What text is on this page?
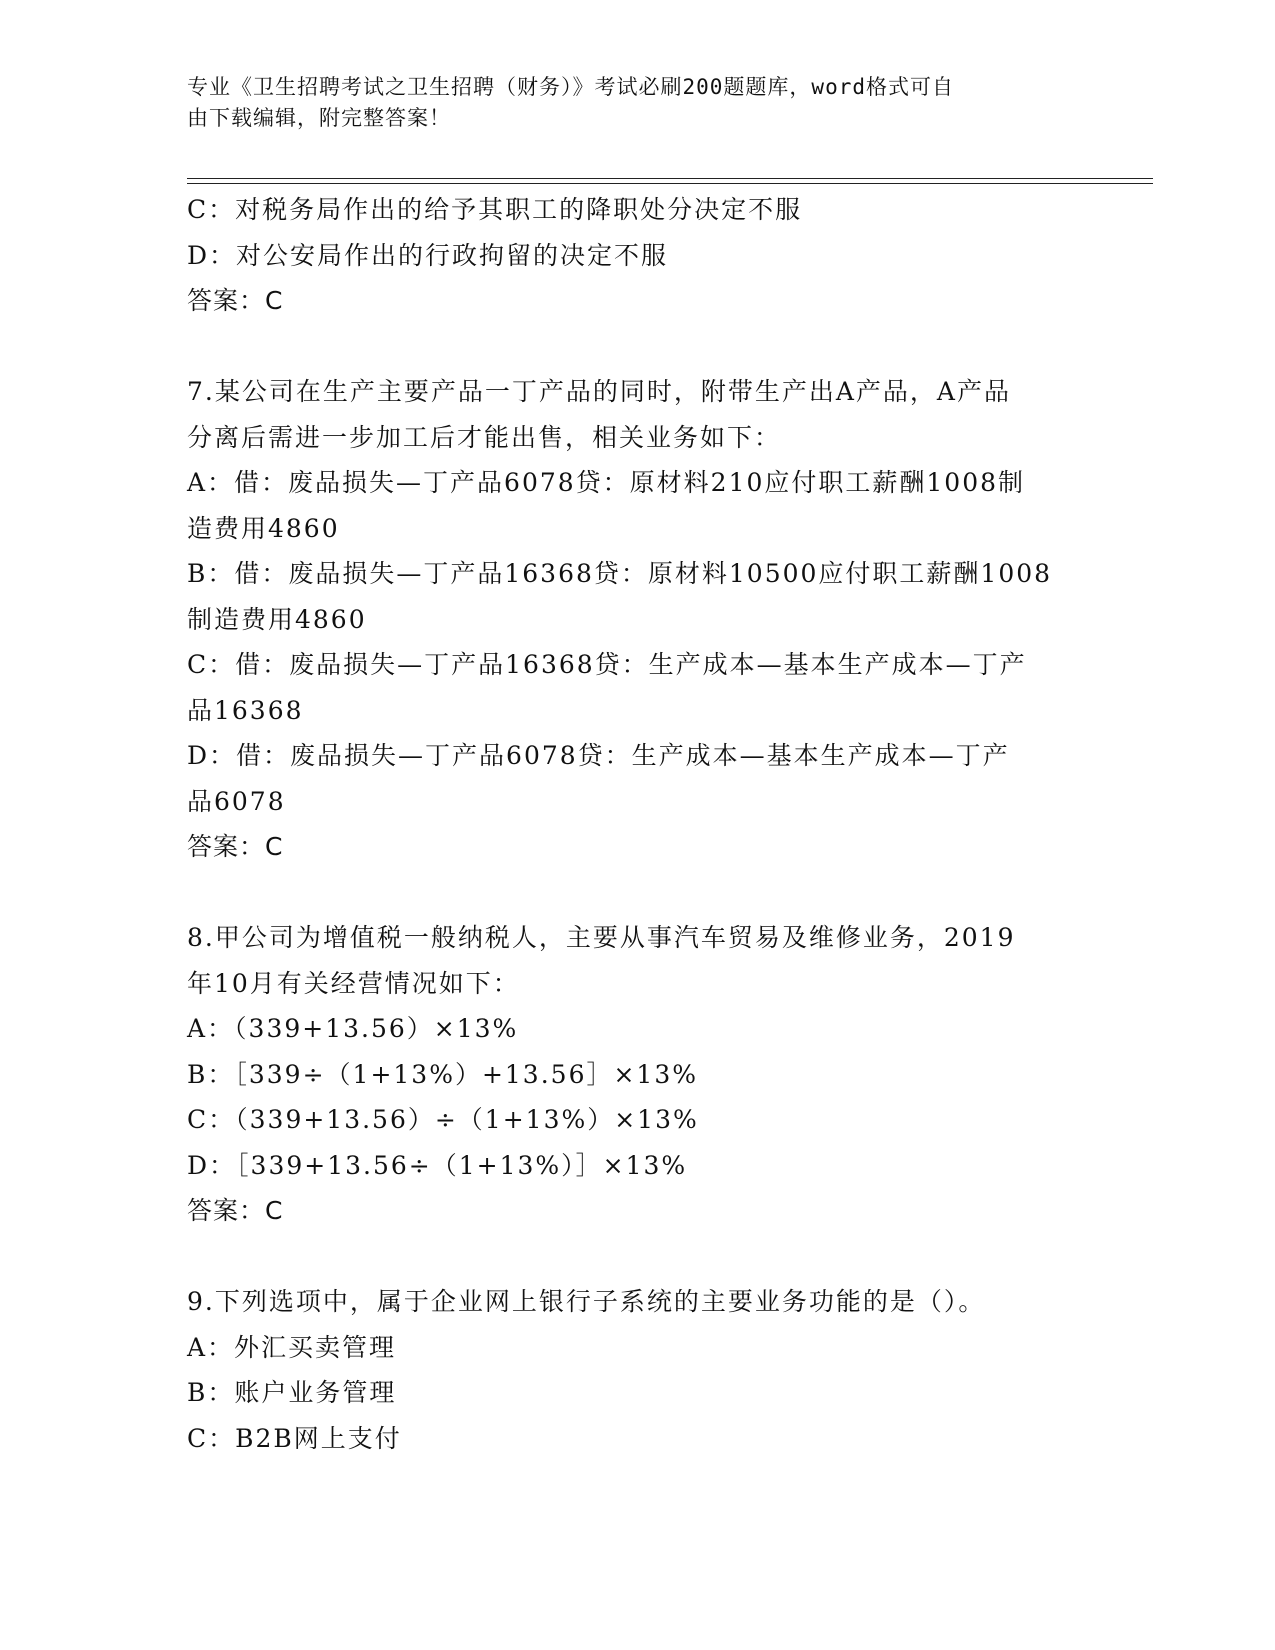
专业《卫生招聘考试之卫生招聘（财务）》考试必刷200题题库，word格式可自
由下载编辑，附完整答案！
C：对税务局作出的给予其职工的降职处分决定不服
D：对公安局作出的行政拘留的决定不服
答案：C
7.某公司在生产主要产品一丁产品的同时，附带生产出A产品，A产品
分离后需进一步加工后才能出售，相关业务如下：
A：借：废品损失—丁产品6078贷：原材料210应付职工薪酬1008制
造费用4860
B：借：废品损失—丁产品16368贷：原材料10500应付职工薪酬1008
制造费用4860
C：借：废品损失—丁产品16368贷：生产成本—基本生产成本—丁产
品16368
D：借：废品损失—丁产品6078贷：生产成本—基本生产成本—丁产
品6078
答案：C
8.甲公司为增值税一般纳税人，主要从事汽车贸易及维修业务，2019
年10月有关经营情况如下：
A：（339+13.56）×13%
B：［339÷（1+13%）+13.56］×13%
C：（339+13.56）÷（1+13%）×13%
D：［339+13.56÷（1+13%）］×13%
答案：C
9.下列选项中，属于企业网上银行子系统的主要业务功能的是（）。
A：外汇买卖管理
B：账户业务管理
C：B2B网上支付
